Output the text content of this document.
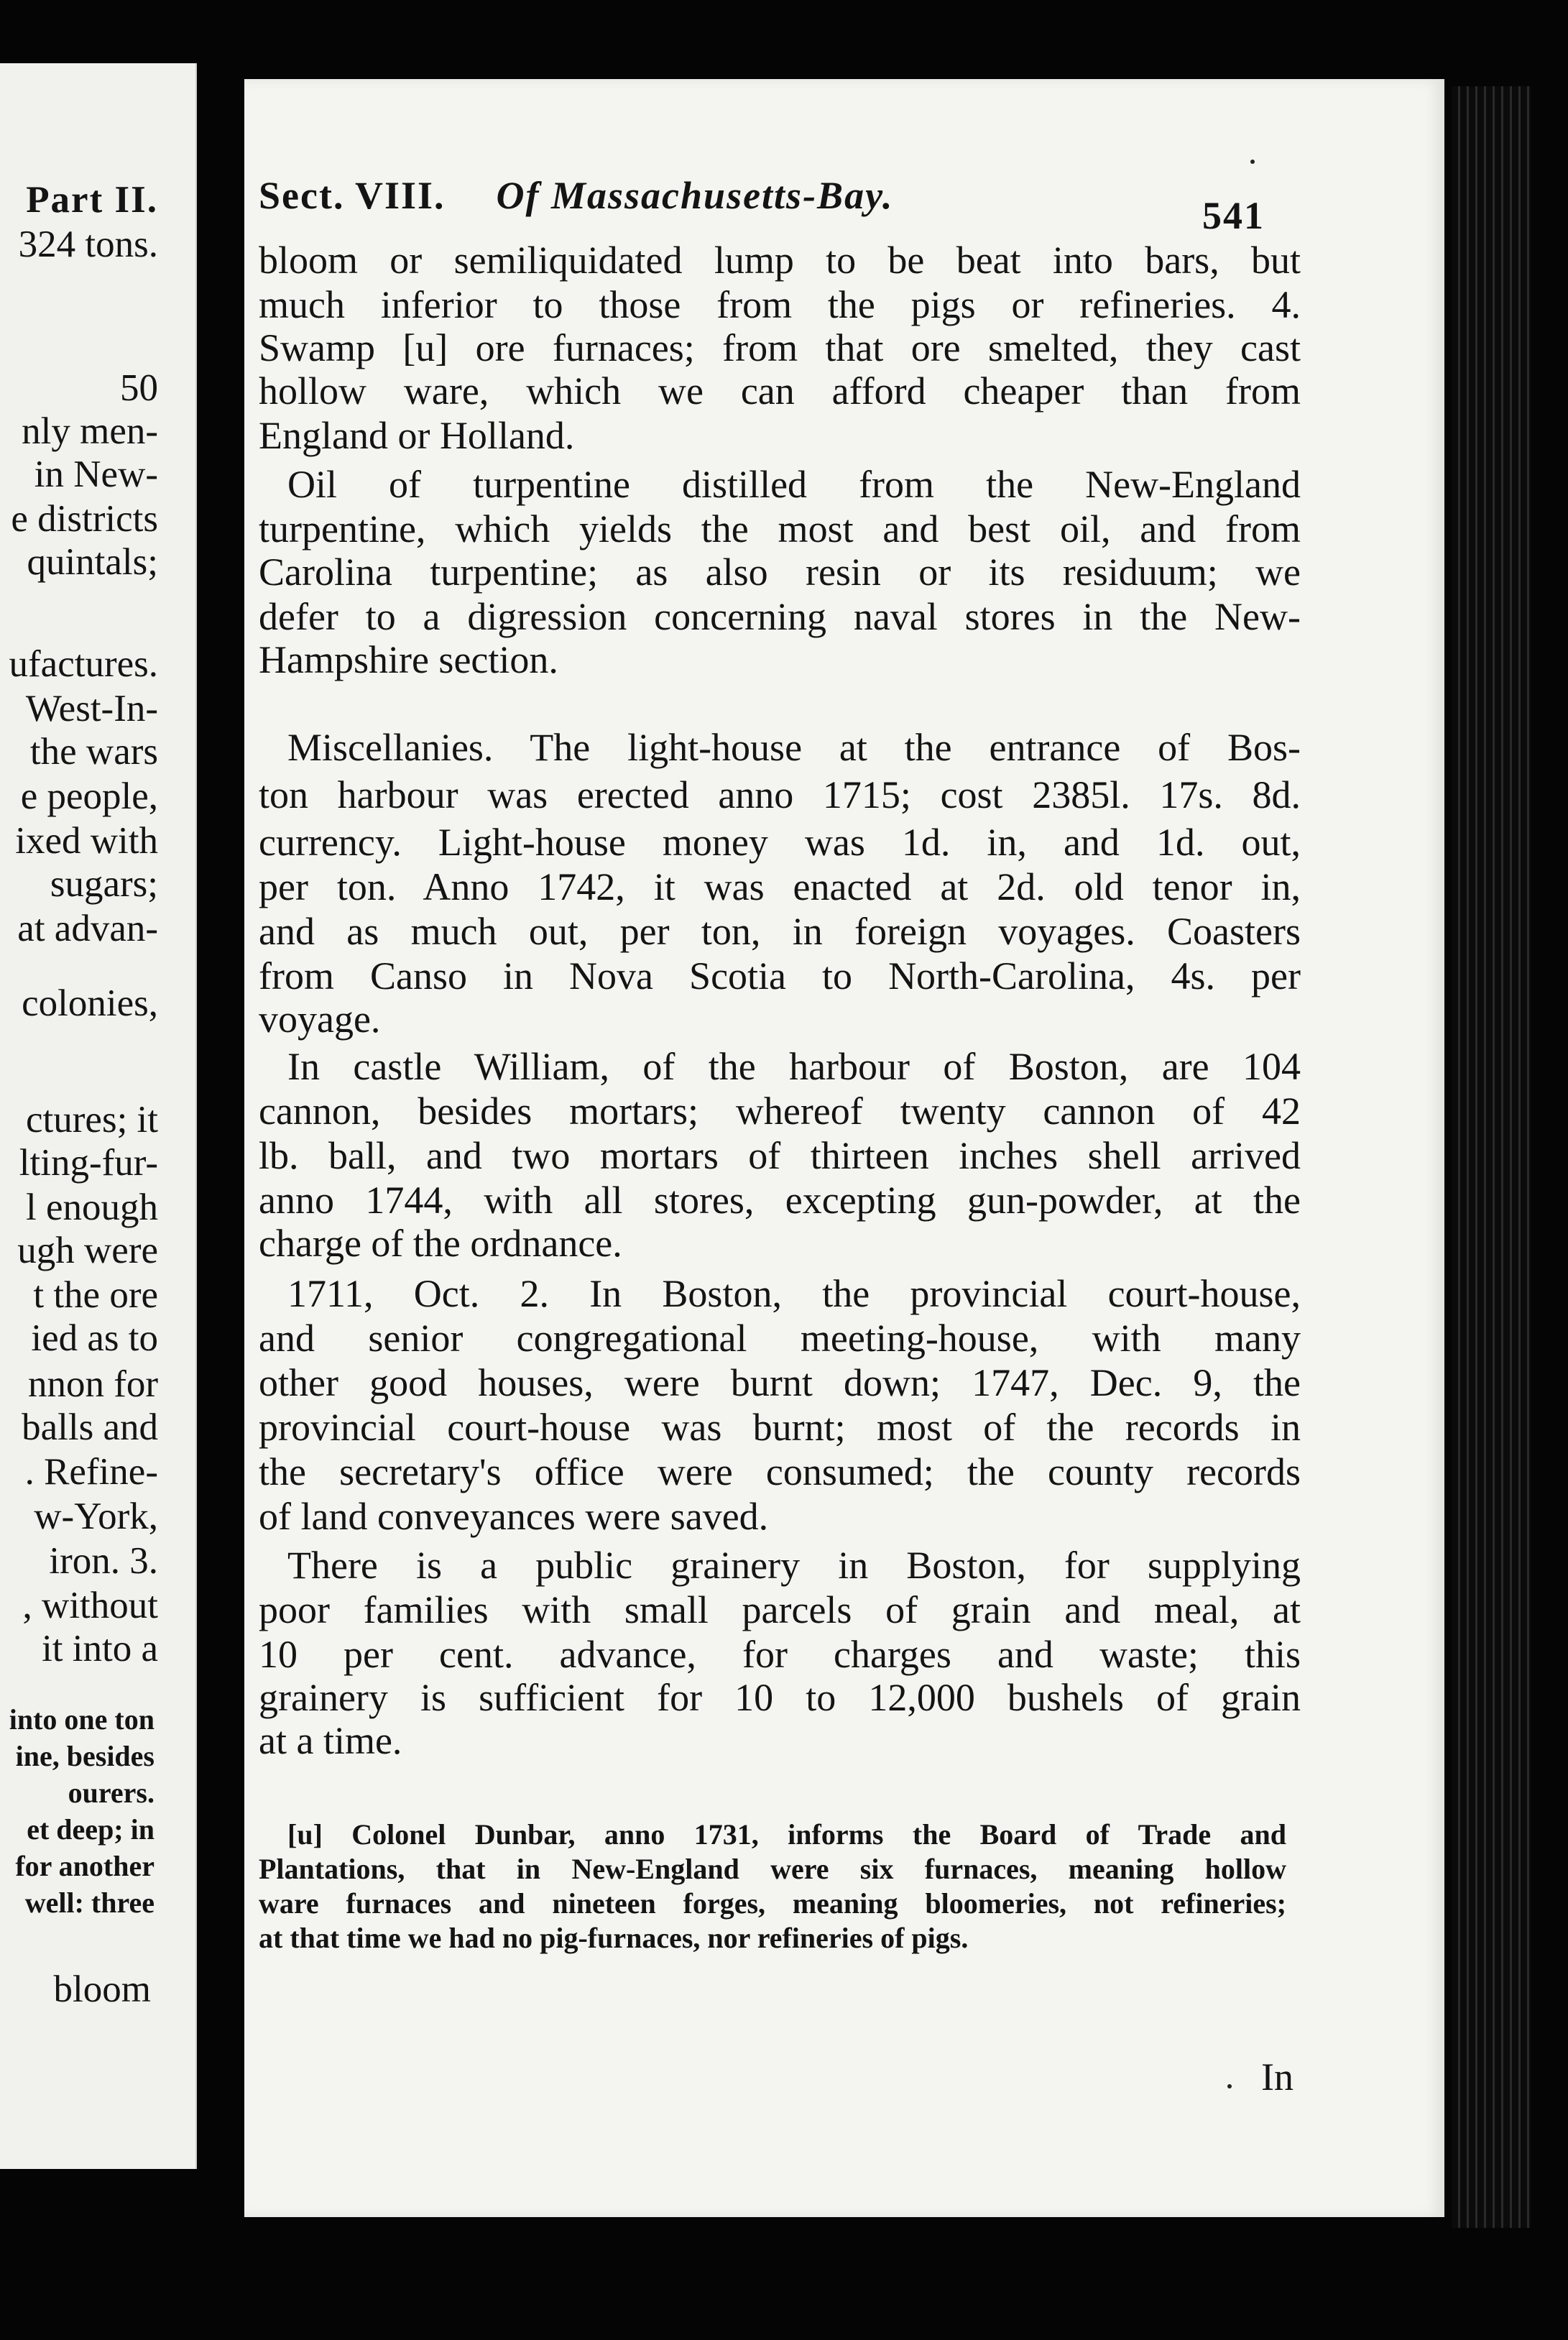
Part II.
324 tons.
50
nly men-
in New-
e districts
quintals;
ufactures.
West-In-
the wars
e people,
ixed with
sugars;
at advan-
colonies,
ctures; it
lting-fur-
l enough
ugh were
t the ore
ied as to
nnon for
balls and
. Refine-
w-York,
iron. 3.
, without
it into a
into one ton
ine, besides
ourers.
et deep; in
for another
well: three
bloom
Sect. VIII. Of Massachusetts-Bay.	541
bloom or semiliquidated lump to be beat into bars, but
much inferior to those from the pigs or refineries. 4.
Swamp [u] ore furnaces; from that ore smelted, they cast
hollow ware, which we can afford cheaper than from
England or Holland.
Oil of turpentine distilled from the New-England
turpentine, which yields the most and best oil, and from
Carolina turpentine; as also resin or its residuum; we
defer to a digression concerning naval stores in the New-
Hampshire section.
Miscellanies. The light-house at the entrance of Bos-
ton harbour was erected anno 1715; cost 2385l. 17s. 8d.
currency. Light-house money was 1d. in, and 1d. out,
per ton. Anno 1742, it was enacted at 2d. old tenor in,
and as much out, per ton, in foreign voyages. Coasters
from Canso in Nova Scotia to North-Carolina, 4s. per
voyage.
In castle William, of the harbour of Boston, are 104
cannon, besides mortars; whereof twenty cannon of 42
lb. ball, and two mortars of thirteen inches shell arrived
anno 1744, with all stores, excepting gun-powder, at the
charge of the ordnance.
1711, Oct. 2. In Boston, the provincial court-house,
and senior congregational meeting-house, with many
other good houses, were burnt down; 1747, Dec. 9, the
provincial court-house was burnt; most of the records in
the secretary's office were consumed; the county records
of land conveyances were saved.
There is a public grainery in Boston, for supplying
poor families with small parcels of grain and meal, at
10 per cent. advance, for charges and waste; this
grainery is sufficient for 10 to 12,000 bushels of grain
at a time.
[u] Colonel Dunbar, anno 1731, informs the Board of Trade and
Plantations, that in New-England were six furnaces, meaning hollow
ware furnaces and nineteen forges, meaning bloomeries, not refineries;
at that time we had no pig-furnaces, nor refineries of pigs.
In
